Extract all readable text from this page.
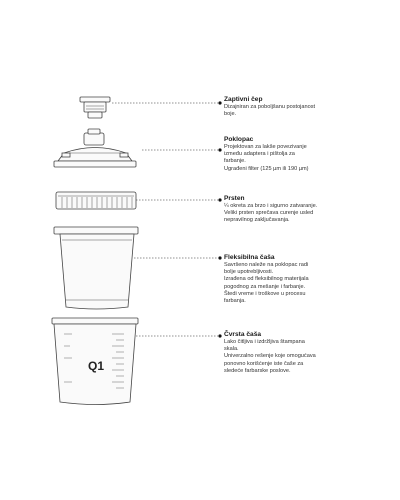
Q1
Zaptivni čep

Dizajniran za poboljšanu postojanost
boje.

Poklopac

Projektovan za lakše povezivanje
između adaptera i pištolja za
farbanje.
Ugrađeni filter (125 µm ili 190 µm)

Prsten

¼ okreta za brzo i sigurno zatvaranje.
Veliki prsten sprečava curenje usled
nepravilnog zaključavanja.

Fleksibilna čaša

Savršeno naleže na poklopac radi
bolje upotrebljivosti.
Izrađena od fleksibilnog materijala
pogodnog za mešanje i farbanje.
Štedi vreme i troškove u procesu
farbanja.

Čvrsta čaša

Lako čitljiva i izdržljiva štampana
skala.
Univerzalno rešenje koje omogućava
ponovno korišćenje iste čaše za
sledeće farbarske poslove.
